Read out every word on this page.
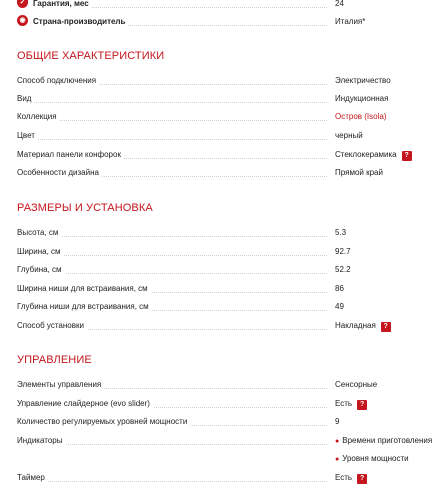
✓ Гарантия, мес	24
◉ Страна-производитель	Италия*
ОБЩИЕ ХАРАКТЕРИСТИКИ
Способ подключения	Электричество
Вид	Индукционная
Коллекция	Остров (Isola)
Цвет	черный
Материал панели конфорок	Стеклокерамика ?
Особенности дизайна	Прямой край
РАЗМЕРЫ И УСТАНОВКА
Высота, см	5.3
Ширина, см	92.7
Глубина, см	52.2
Ширина ниши для встраивания, см	86
Глубина ниши для встраивания, см	49
Способ установки	Накладная ?
УПРАВЛЕНИЕ
Элементы управления	Сенсорные
Управление слайдерное (evo slider)	Есть ?
Количество регулируемых уровней мощности	9
Индикаторы	● Времени приготовления
● Уровня мощности
Таймер	Есть ?
